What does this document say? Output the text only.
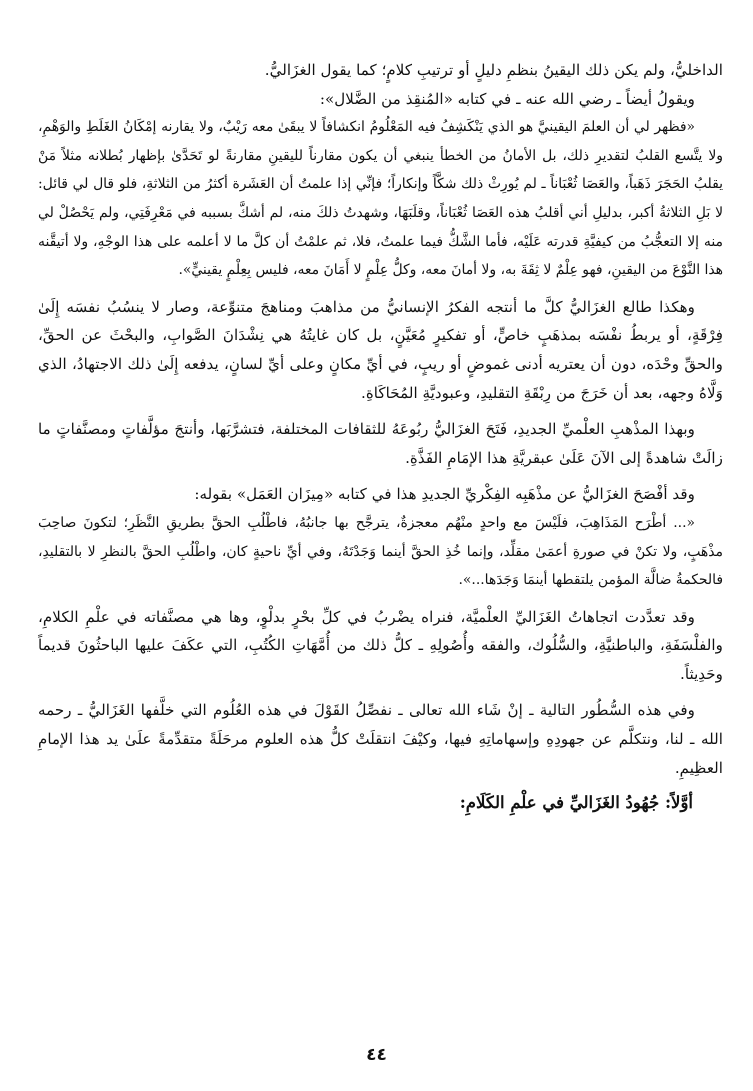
الداخليُّ، ولم يكن ذلك اليقينُ بنظمِ دليلٍ أو ترتيبِ كلامٍ؛ كما يقول الغزَاليُّ.

ويقولُ أيضاً ـ رضي الله عنه ـ في كتابه «المُنقِذ من الضَّلال»:

«فظهر لي أن العلمَ اليقينيَّ هو الذي يَنْكَشِفُ فيه المَعْلُومُ انكشافاً لا يبقَىٰ معه رَيْبٌ، ولا يقارنه إمْكَانُ الغَلَطِ والوَهْمِ، ولا يتَّسع القلبُ لتقديرِ ذلك، بل الأمانُ من الخطأ ينبغي أن يكون مقارناً لليقينِ مقارنةً لو تَحَدَّىٰ بإظهار بُطلانه مثلاً مَنْ يقلبُ الحَجَرَ ذَهَباً، والعَصَا ثُعْبَاناً ـ لم يُورِثْ ذلك شكَّاً وإنكاراً؛ فإنِّي إذا علمتُ أن العَشَرة أكثرُ من الثلاثةِ، فلو قال لي قائل: لا بَلِ الثلاثةُ أكبر، بدليلِ أني أقلبُ هذه العَصَا ثُعْبَاناً، وقلَبَهَا، وشهدتُ ذلكَ منه، لم أشكَّ بسببه في مَعْرِفَتِي، ولم يَحْصُلْ لي منه إلا التعجُّبُ من كيفيَّةِ قدرته عَلَيْه، فأما الشَّكُّ فيما علمتُ، فلا، ثم علمْتُ أن كلَّ ما لا أعلمه على هذا الوجْهِ، ولا أتيقَّنه هذا النَّوْعَ من اليقينِ، فهو عِلْمٌ لا ثِقَةَ به، ولا أمانَ معه، وكلُّ عِلْمٍ لا أَمَانَ معه، فليس بِعِلْمٍ يقينيٍّ».

وهكذا طالع الغزَاليُّ كلَّ ما أنتجه الفكرُ الإنسانيُّ من مذاهبَ ومناهجَ متنوِّعة، وصار لا ينسُبُ نفسَه إِلَىٰ فِرْقَةٍ، أو يربطُ نفْسَه بمذهَبٍ خاصٍّ، أو تفكيرٍ مُعَيَّنٍ، بل كان غايتُهُ هي نِشْدَانَ الصَّوابِ، والبحْثَ عن الحقِّ، والحقِّ وحْدَه، دون أن يعتريه أدنى غموضٍ أو ريبٍ، في أيِّ مكانٍ وعلى أيِّ لسانٍ، يدفعه إِلَىٰ ذلك الاجتهادُ، الذي وَلَّاهُ وجهه، بعد أن خَرَجَ من رِبْقَةِ التقليدِ، وعبوديَّةِ المُحَاكَاةِ.

وبهذا المذْهبِ العلْميِّ الجديدِ، فَتَحَ الغزَاليُّ ربُوعَهُ للثقافات المختلفة، فتشرَّبَها، وأنتجَ مؤلَّفاتٍ ومصنَّفاتٍ ما زالَتْ شاهدةً إلى الآنَ عَلَىٰ عبقريَّةِ هذا الإمَامِ الفَذَّةِ.

وقد أفْصَحَ الغزَاليُّ عن مذْهَبِه الفِكْريِّ الجديدِ هذا في كتابه «مِيزَان العَمَل» بقوله:

«... أطْرَح المَذَاهِبَ، فلَيْسَ مع واحدٍ منْهُم معجزةٌ، يترجَّح بها جانبُهُ، فاطْلُبِ الحقَّ بطريقِ النَّظَرِ؛ لتكونَ صاحِبَ مذْهَبٍ، ولا تكنْ في صورةِ أعمَىٰ مقلِّد، وإنما خُذِ الحقَّ أينما وَجَدْتَهُ، وفي أيِّ ناحيةٍ كان، واطْلُبِ الحقَّ بالنظرِ لا بالتقليدِ، فالحكمةُ ضالَّة المؤمن يلتقطها أينمَا وَجَدَها...».

وقد تعدَّدت اتجاهاتُ الغَزَاليِّ العلْميَّة، فنراه يضْربُ في كلِّ بحْرٍ بدلْوٍ، وها هي مصنَّفاته في علْمِ الكلامِ، والفلْسَفَةِ، والباطنيَّةِ، والسُّلُوك، والفقه وأُصُولِهِ ـ كلُّ ذلك من أُمَّهَاتِ الكُتُبِ، التي عكَفَ عليها الباحثُونَ قديماً وحَدِيثاً.

وفي هذه السُّطُور التالية ـ إنْ شَاء الله تعالى ـ نفصِّلُ القَوْلَ في هذه العُلُوم التي خلَّفها الغَزَاليُّ ـ رحمه الله ـ لنا، ونتكلَّم عن جهودِهِ وإسهاماتِهِ فيها، وكيْفَ انتقلَتْ كلُّ هذه العلوم مرحَلَةً متقدِّمةً علَىٰ يد هذا الإمامِ العظِيمِ.

أوَّلاً: جُهُودُ الغَزَاليِّ في علْمِ الكَلَامِ:

٤٤
